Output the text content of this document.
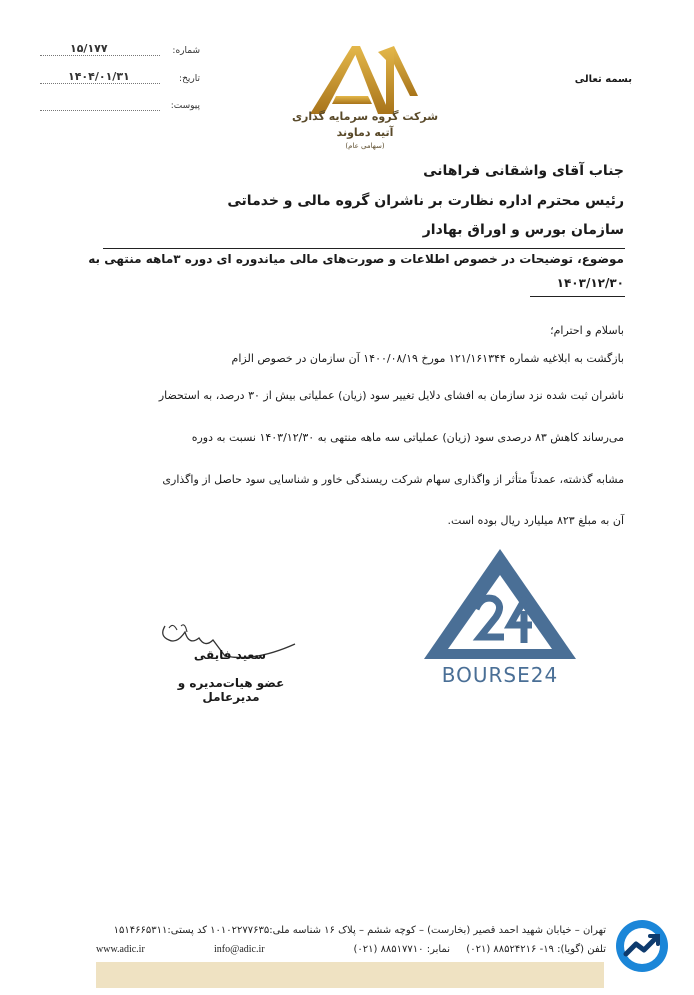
۱۵/۱۷۷	شماره:
۱۴۰۴/۰۱/۳۱	تاریخ:
پیوست:
شرکت گروه سرمایه گذاری
آتیه دماوند
(سهامی عام)
بسمه تعالی
جناب آقای واشقانی فراهانی
رئیس محترم اداره نظارت بر ناشران گروه مالی و خدماتی
سازمان بورس و اوراق بهادار
موضوع، توضیحات در خصوص اطلاعات و صورت‌های مالی میاندوره ای دوره ۳ماهه منتهی به
۱۴۰۳/۱۲/۳۰
باسلام و احترام؛
بازگشت به ابلاغیه شماره ۱۲۱/۱۶۱۳۴۴ مورخ ۱۴۰۰/۰۸/۱۹ آن سازمان در خصوص الزام
ناشران ثبت شده نزد سازمان به افشای دلایل تغییر سود (زیان) عملیاتی بیش از ۳۰ درصد، به استحضار
می‌رساند کاهش ۸۳ درصدی سود (زیان) عملیاتی سه ماهه منتهی به ۱۴۰۳/۱۲/۳۰ نسبت به دوره
مشابه گذشته، عمدتاً متأثر از واگذاری سهام شرکت ریسندگی خاور و شناسایی سود حاصل از واگذاری
آن به مبلغ ۸۲۳ میلیارد ریال بوده است.
BOURSE24
سعید فایقی
عضو هیات‌مدیره و مدیرعامل
تهران – خیابان شهید احمد قصیر (بخارست) – کوچه ششم – پلاک ۱۶ شناسه ملی:۱۰۱۰۲۲۷۷۶۳۵ کد پستی:۱۵۱۴۶۶۵۳۱۱
تلفن (گویا): ۱۹- ۸۸۵۲۴۲۱۶ (۰۲۱)
نمابر: ۸۸۵۱۷۷۱۰ (۰۲۱)
info@adic.ir
www.adic.ir
